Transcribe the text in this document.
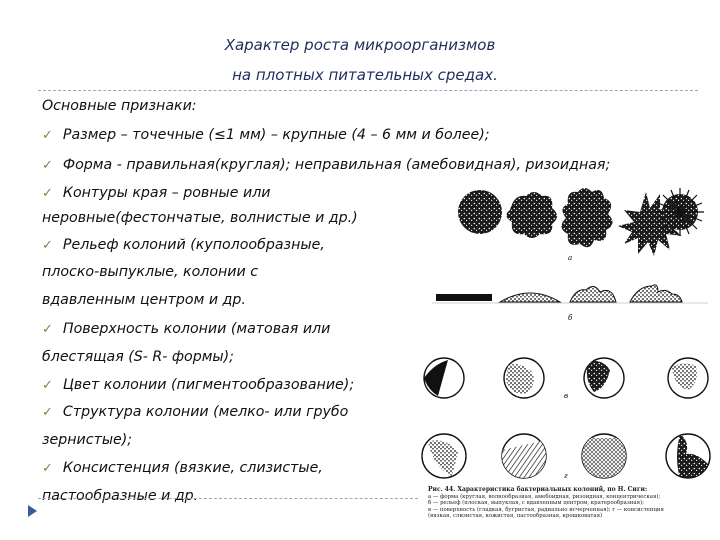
Характер роста микроорганизмов
на плотных питательных средах.
Основные признаки:
✓ Размер – точечные (≤1 мм) – крупные (4 – 6 мм и более);
✓ Форма - правильная(круглая); неправильная (амебовидная), ризоидная;
✓ Контуры края – ровные или
неровные(фестончатые, волнистые и др.)
✓ Рельеф колоний (куполообразные,
плоско-выпуклые, колонии с
вдавленным центром и др.
✓ Поверхность колонии (матовая или
блестящая (S- R- формы);
✓ Цвет колонии (пигментообразование);
✓ Структура колонии (мелко- или грубо
зернистые);
✓ Консистенция (вязкие, слизистые,
пастообразные и др.
а
б
в
г
Рис. 44. Характеристика бактериальных колоний, по Н. Сиги:
а — форма (круглая, волнообразная, амебоидная, ризоидная, концентрическая);
б — рельеф (плоская, выпуклая, с вдавленным центром, кратерообразная);
в — поверхность (гладкая, бугристая, радиально исчерченная); г — консистенция
(вязкая, слизистая, кожистая, пастообразная, крошковатая)
